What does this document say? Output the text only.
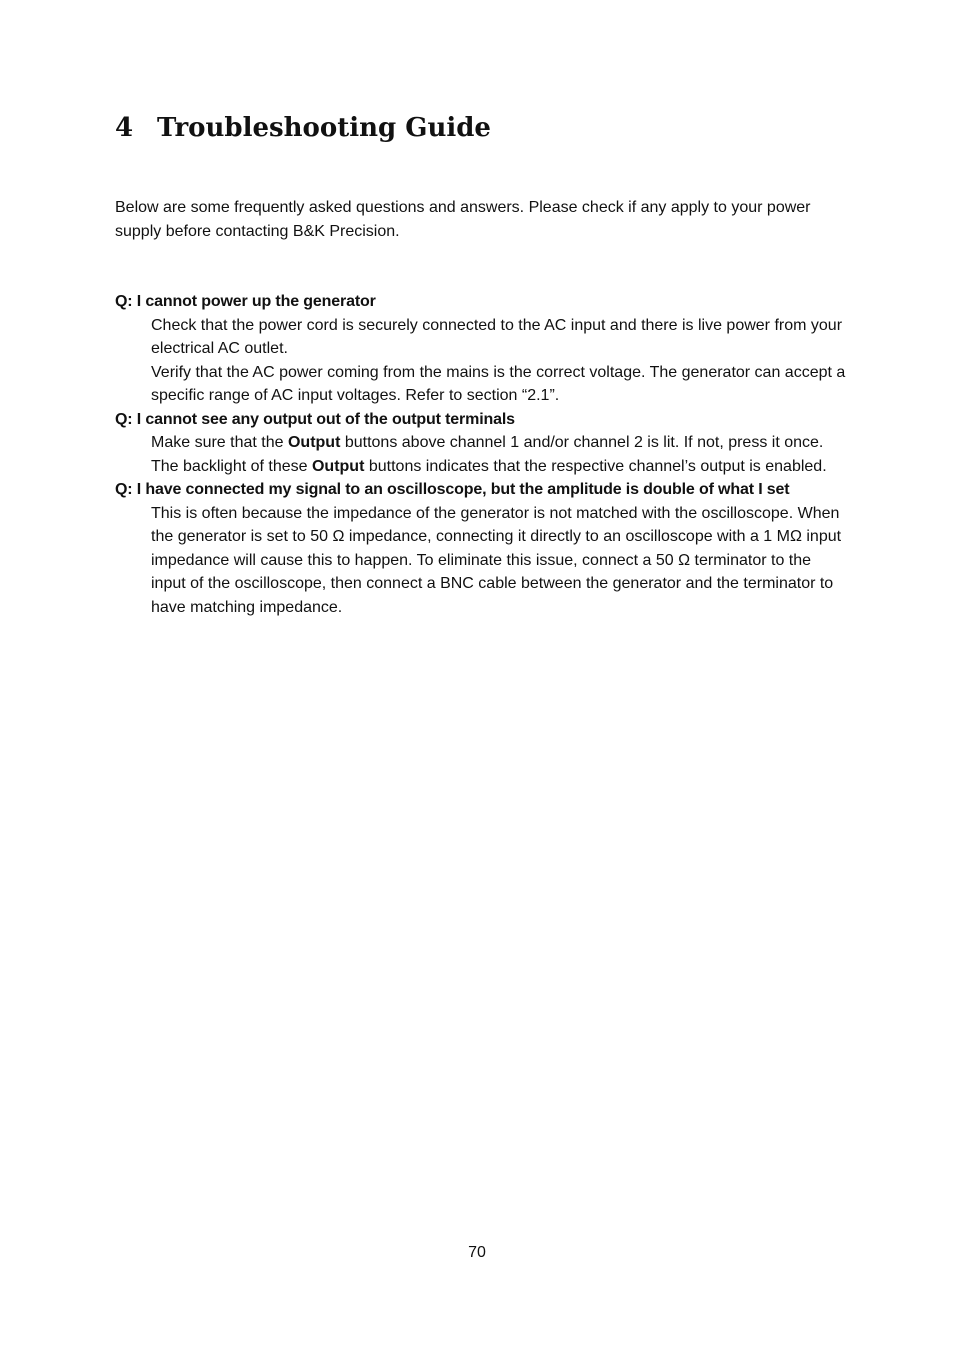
4 Troubleshooting Guide
Below are some frequently asked questions and answers. Please check if any apply to your power supply before contacting B&K Precision.
Q: I cannot power up the generator

Check that the power cord is securely connected to the AC input and there is live power from your electrical AC outlet.

Verify that the AC power coming from the mains is the correct voltage. The generator can accept a specific range of AC input voltages. Refer to section “2.1”.

Q: I cannot see any output out of the output terminals

Make sure that the Output buttons above channel 1 and/or channel 2 is lit. If not, press it once. The backlight of these Output buttons indicates that the respective channel’s output is enabled.

Q: I have connected my signal to an oscilloscope, but the amplitude is double of what I set

This is often because the impedance of the generator is not matched with the oscilloscope. When the generator is set to 50 Ω impedance, connecting it directly to an oscilloscope with a 1 MΩ input impedance will cause this to happen. To eliminate this issue, connect a 50 Ω terminator to the input of the oscilloscope, then connect a BNC cable between the generator and the terminator to have matching impedance.

70
